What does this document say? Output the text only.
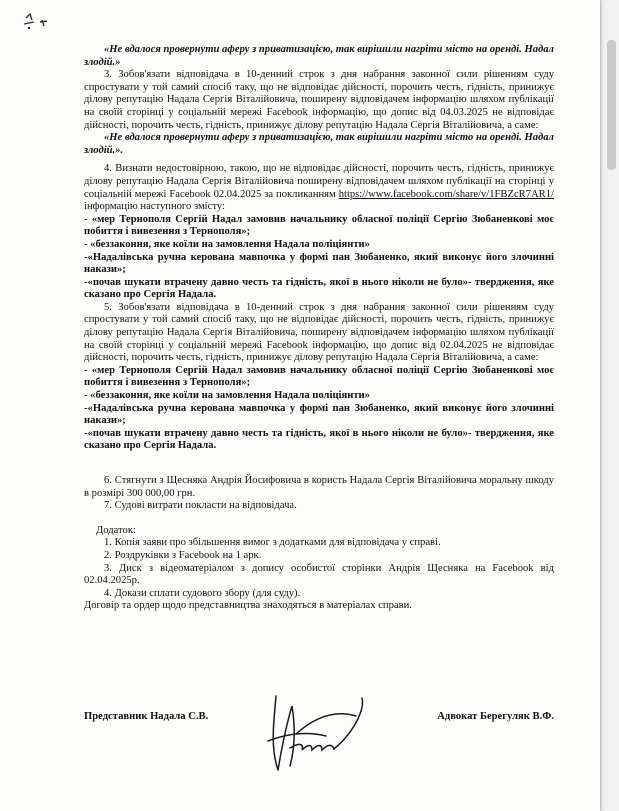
«Не вдалося провернути аферу з приватизацією, так вирішили нагріти місто на оренді. Надал злодій.»

3. Зобов'язати відповідача в 10-денний строк з дня набрання законної сили рішенням суду спростувати у той самий спосіб таку, що не відповідає дійсності, порочить честь, гідність, принижує ділову репутацію Надала Сергія Віталійовича, поширену відповідачем інформацію шляхом публікації на своїй сторінці у соціальній мережі Facebook інформацію, що допис від 04.03.2025 не відповідає дійсності, порочить честь, гідність, принижує ділову репутацію Надала Сергія Віталійовича, а саме:

«Не вдалося провернути аферу з приватизацією, так вирішили нагріти місто на оренді. Надал злодій.».

4. Визнати недостовірною, такою, що не відповідає дійсності, порочить честь, гідність, принижує ділову репутацію Надала Сергія Віталійовича поширену відповідачем шляхом публікації на сторінці у соціальній мережі Facebook 02.04.2025 за покликанням https://www.facebook.com/share/v/1FBZcR7AR1/ інформацію наступного змісту:

- «мер Тернополя Сергій Надал замовив начальнику обласної поліції Сергію Зюбаненкові моє побиття і вивезення з Тернополя»;

- «беззаконня, яке коїли на замовлення Надала поліціянти»

-«Надалівська ручна керована мавпочка у формі пан Зюбаненко, який виконує його злочинні накази»;

-«почав шукати втрачену давно честь та гідність, якої в нього ніколи не було»- твердження, яке сказано про Сергія Надала.

5. Зобов'язати відповідача в 10-денний строк з дня набрання законної сили рішенням суду спростувати у той самий спосіб таку, що не відповідає дійсності, порочить честь, гідність, принижує ділову репутацію Надала Сергія Віталійовича, поширену відповідачем інформацію шляхом публікації на своїй сторінці у соціальній мережі Facebook інформацію, що допис від 02.04.2025 не відповідає дійсності, порочить честь, гідність, принижує ділову репутацію Надала Сергія Віталійовича, а саме:

- «мер Тернополя Сергій Надал замовив начальнику обласної поліції Сергію Зюбаненкові моє побиття і вивезення з Тернополя»;

- «беззаконня, яке коїли на замовлення Надала поліціянти»

-«Надалівська ручна керована мавпочка у формі пан Зюбаненко, який виконує його злочинні накази»;

-«почав шукати втрачену давно честь та гідність, якої в нього ніколи не було»- твердження, яке сказано про Сергія Надала.

6. Стягнути з Щесняка Андрія Йосифовича в користь Надала Сергія Віталійовича моральну шкоду в розмірі 300 000,00 грн.

7. Судові витрати покласти на відповідача.

Додаток:

1. Копія заяви про збільшення вимог з додатками для відповідача у справі.

2. Роздруківки з Facebook на 1 арк.

3. Диск з відеоматеріалом з допису особистої сторінки Андрія Щесняка на Facebook від 02.04.2025р.

4. Докази сплати судового збору (для суду).

Договір та ордер щодо представництва знаходяться в матеріалах справи.

Представник Надала С.В.	Адвокат Берегуляк В.Ф.
